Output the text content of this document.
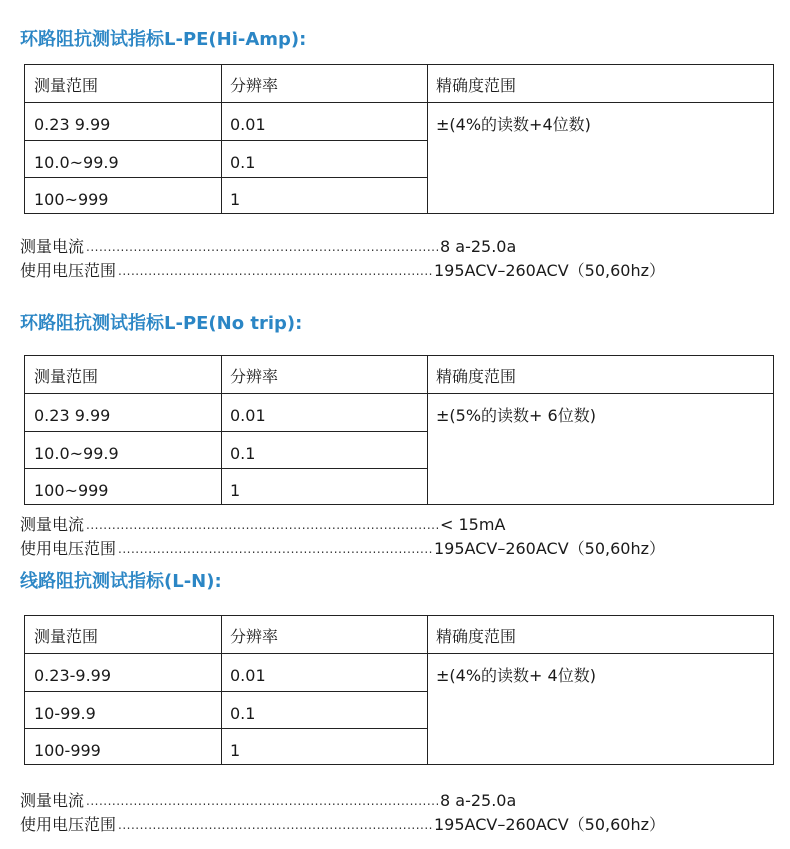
环路阻抗测试指标L-PE(Hi-Amp):
测量范围	分辨率	精确度范围
0.23 9.99	0.01
10.0~99.9	0.1
100~999	1
±(4%的读数+4位数)
测量电流 .....	8 a-25.0a
使用电压范围 .....	195ACV–260ACV（50,60hz）
环路阻抗测试指标L-PE(No trip):
测量范围	分辨率	精确度范围
0.23 9.99	0.01
10.0~99.9	0.1
100~999	1
±(5%的读数+ 6位数)
测量电流 .....	< 15mA
使用电压范围 .....	195ACV–260ACV（50,60hz）
线路阻抗测试指标(L-N):
测量范围	分辨率	精确度范围
0.23-9.99	0.01
10-99.9	0.1
100-999	1
±(4%的读数+ 4位数)
测量电流 .....	8 a-25.0a
使用电压范围 .....	195ACV–260ACV（50,60hz）
